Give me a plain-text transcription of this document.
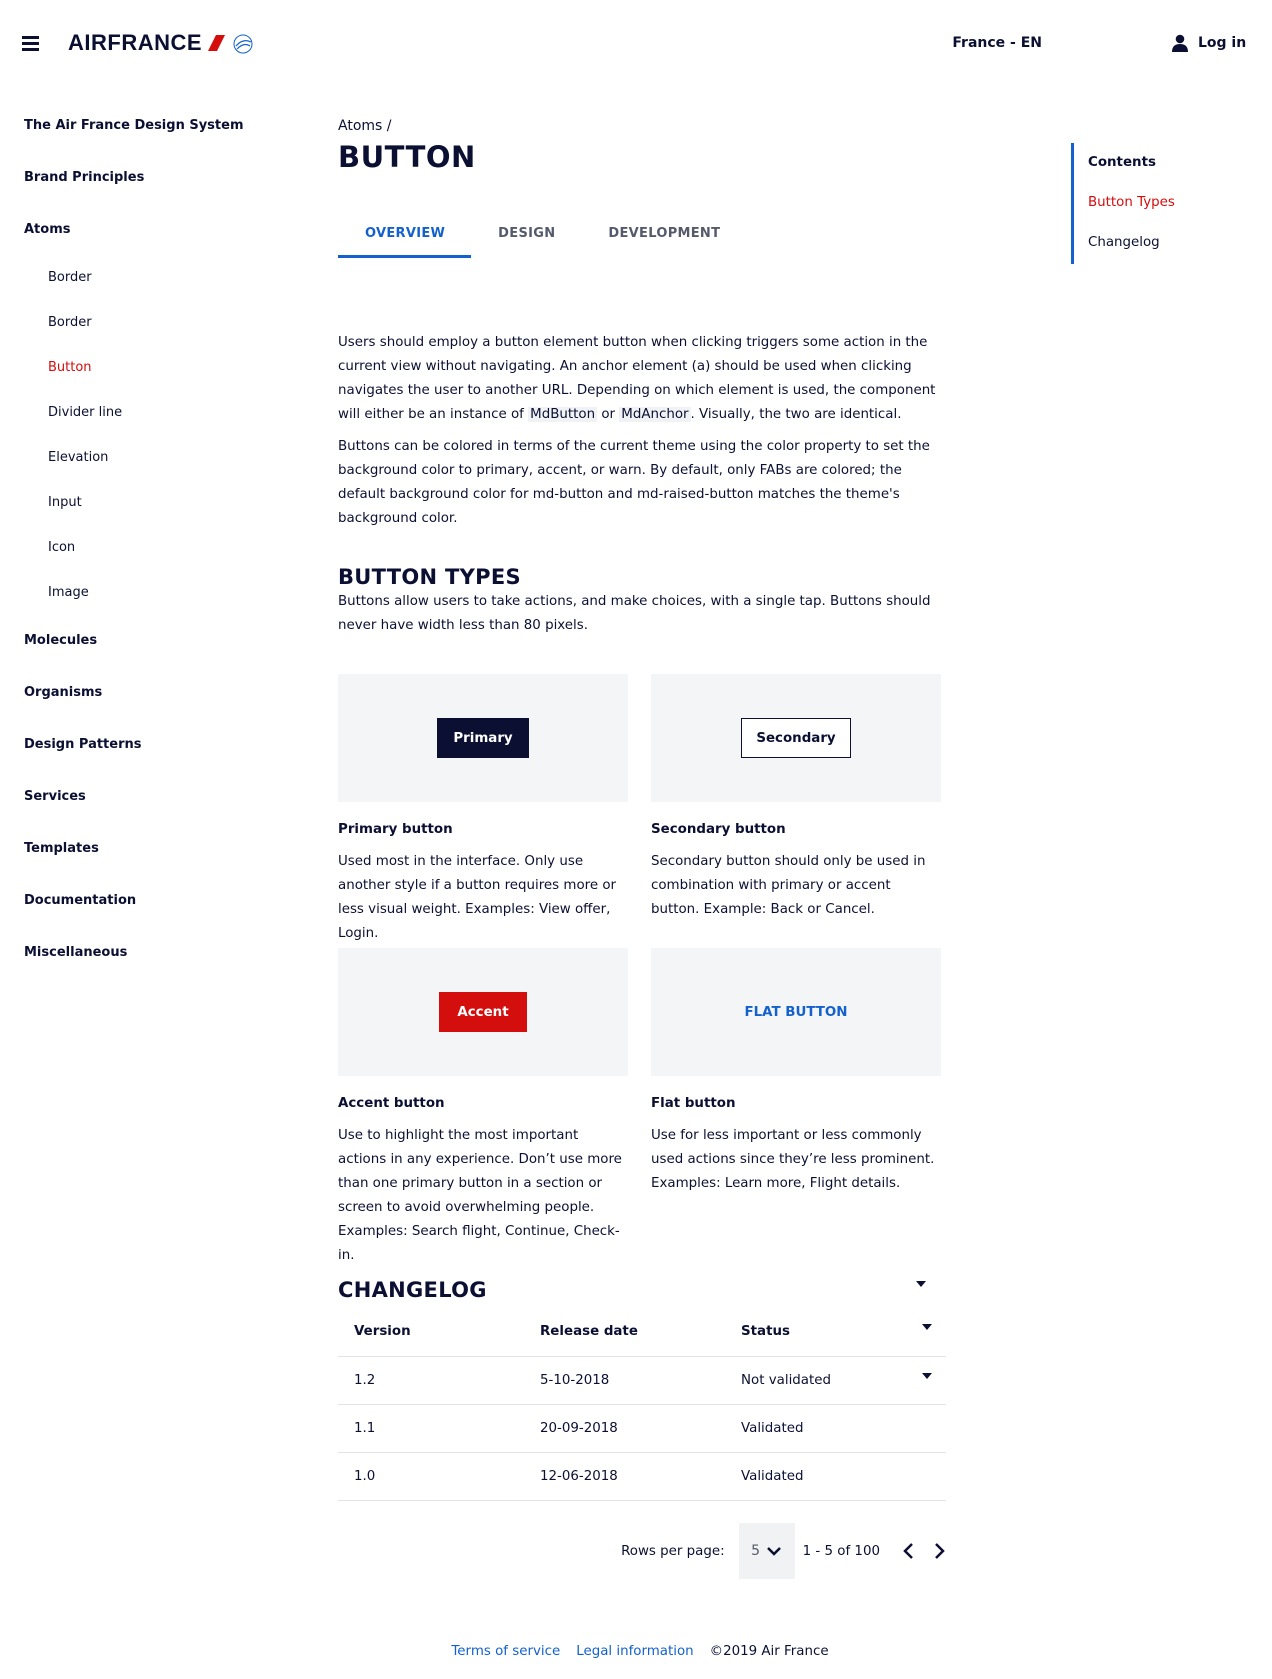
AIRFRANCE	France - EN	Log in
The Air France Design System
Brand Principles
Atoms
Border
Border
Button
Divider line
Elevation
Input
Icon
Image
Molecules
Organisms
Design Patterns
Services
Templates
Documentation
Miscellaneous
Atoms /
BUTTON
OVERVIEW	DESIGN	DEVELOPMENT
Users should employ a button element button when clicking triggers some action in the current view without navigating. An anchor element (a) should be used when clicking navigates the user to another URL. Depending on which element is used, the component will either be an instance of MdButton or MdAnchor . Visually, the two are identical.
Buttons can be colored in terms of the current theme using the color property to set the background color to primary, accent, or warn. By default, only FABs are colored; the default background color for md-button and md-raised-button matches the theme's background color.
BUTTON TYPES
Buttons allow users to take actions, and make choices, with a single tap. Buttons should never have width less than 80 pixels.
Primary	Secondary
Primary button	Secondary button
Used most in the interface. Only use another style if a button requires more or less visual weight. Examples: View offer, Login.
Secondary button should only be used in combination with primary or accent button. Example: Back or Cancel.
Accent	FLAT BUTTON
Accent button	Flat button
Use to highlight the most important actions in any experience. Don’t use more than one primary button in a section or screen to avoid overwhelming people. Examples: Search flight, Continue, Check-in.
Use for less important or less commonly used actions since they’re less prominent. Examples: Learn more, Flight details.
CHANGELOG
Version	Release date	Status
1.2	5-10-2018	Not validated
1.1	20-09-2018	Validated
1.0	12-06-2018	Validated
Rows per page: 5	1 - 5 of 100
Contents
Button Types
Changelog
Terms of service Legal information ©2019 Air France
